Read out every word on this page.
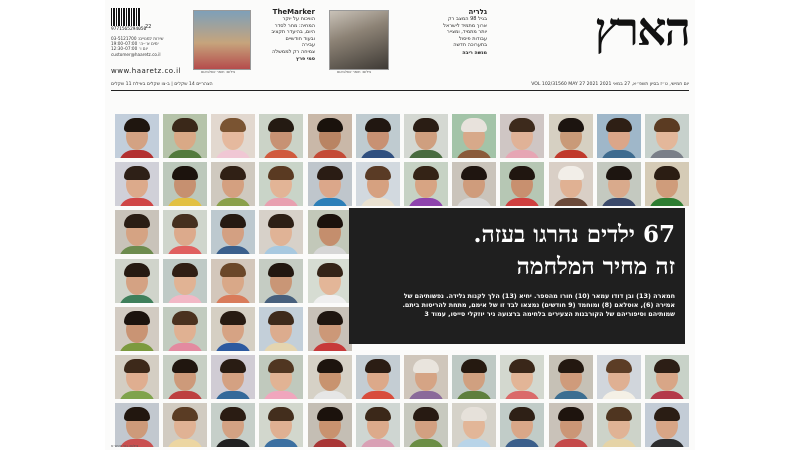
הארץ
יום חמישי, ט״ז בסיון תשפ״א, 27 במאי 2021 VOL 102/31560 MAY 27 2021
גלריה
בגיל 98 המצב רק
ארוך מתמיד לישראל
יותר מתמיד, ומצייר
עבודות פיסול
בתערוכה חדשה
מנשה ריבה
צילום: תומר אפלבאום
TheMarker
הוויכוח על יוקר
המחיה: מחר לסדר
היום, בהיעדר תקציב
ובעוד חודשיים
עבירה
צמיחה רק לממשלה
סמי פרץ
צילום: תומר אפלבאום
9771565294050
22
שירות למנויים: 03-5121700
ימים א׳–ה׳ 07:00–19:00
יום ו׳ 07:00–12:30
customer@haaretz.co.il
www.haaretz.co.il
הצהריים 14 שקלים | ב-צו שקלים באילת 11 שקלים
67 ילדים נהרגו בעזה.
זה מחיר המלחמה
חמארה (13) ובן דודו עמאר (10) חורו מהספר. יחיא (13) הלך לקנות גלידה. נפשותיהם של
אמירה (6), אוסלאם (8) ומוחמד (9 חודשים) נמצאו לבד זו של אימם, מתחת להריסות ביתם.
שמותיהם וסיפוריהם של הקורבנות הצעירים בלחימה ברצועה ניר יוזקלי סייסו, עמוד 3
צילום: גטי אימג׳ס
